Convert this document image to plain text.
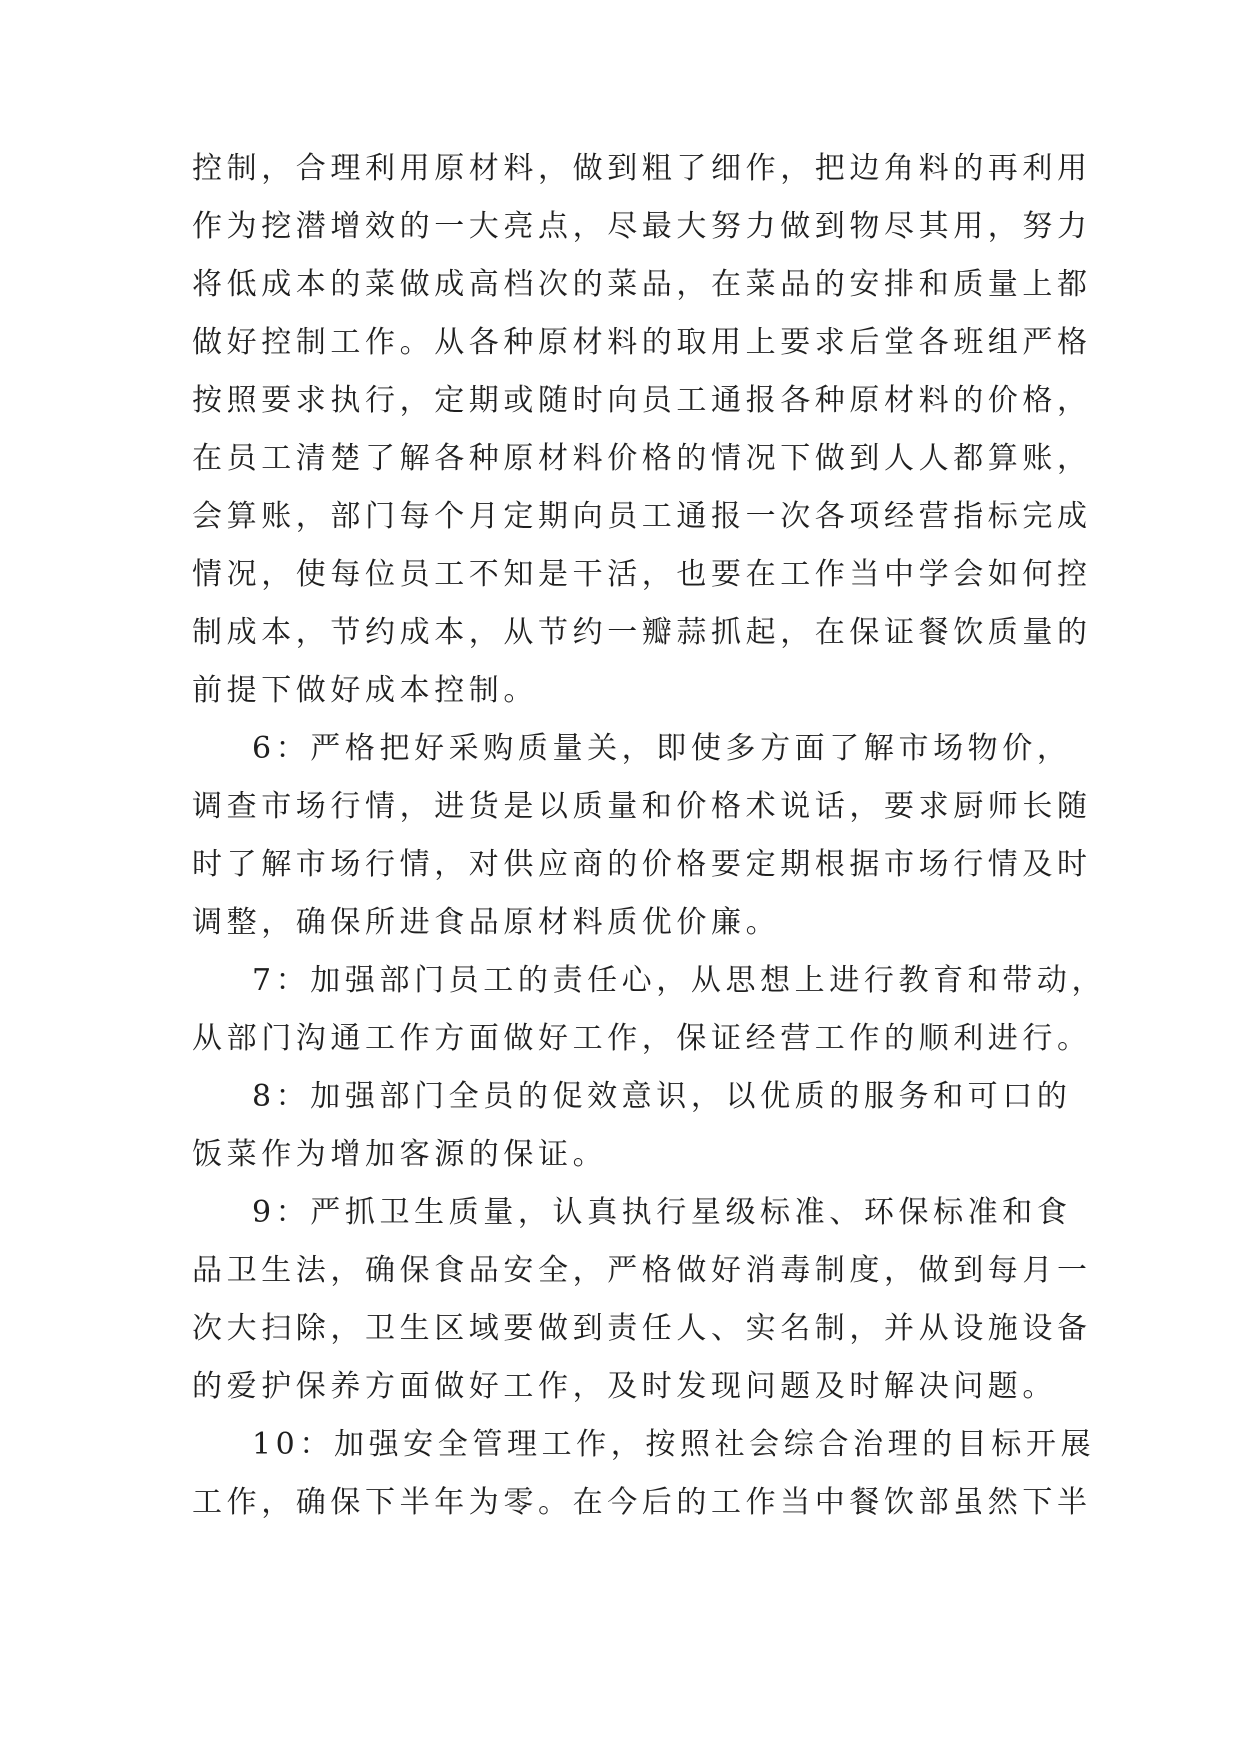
控制，合理利用原材料，做到粗了细作，把边角料的再利用
作为挖潜增效的一大亮点，尽最大努力做到物尽其用，努力
将低成本的菜做成高档次的菜品，在菜品的安排和质量上都
做好控制工作。从各种原材料的取用上要求后堂各班组严格
按照要求执行，定期或随时向员工通报各种原材料的价格，
在员工清楚了解各种原材料价格的情况下做到人人都算账，
会算账，部门每个月定期向员工通报一次各项经营指标完成
情况，使每位员工不知是干活，也要在工作当中学会如何控
制成本，节约成本，从节约一瓣蒜抓起，在保证餐饮质量的
前提下做好成本控制。
6：严格把好采购质量关，即使多方面了解市场物价，
调查市场行情，进货是以质量和价格术说话，要求厨师长随
时了解市场行情，对供应商的价格要定期根据市场行情及时
调整，确保所进食品原材料质优价廉。
7：加强部门员工的责任心，从思想上进行教育和带动，
从部门沟通工作方面做好工作，保证经营工作的顺利进行。
8：加强部门全员的促效意识，以优质的服务和可口的
饭菜作为增加客源的保证。
9：严抓卫生质量，认真执行星级标准、环保标准和食
品卫生法，确保食品安全，严格做好消毒制度，做到每月一
次大扫除，卫生区域要做到责任人、实名制，并从设施设备
的爱护保养方面做好工作，及时发现问题及时解决问题。
10：加强安全管理工作，按照社会综合治理的目标开展
工作，确保下半年为零。在今后的工作当中餐饮部虽然下半
